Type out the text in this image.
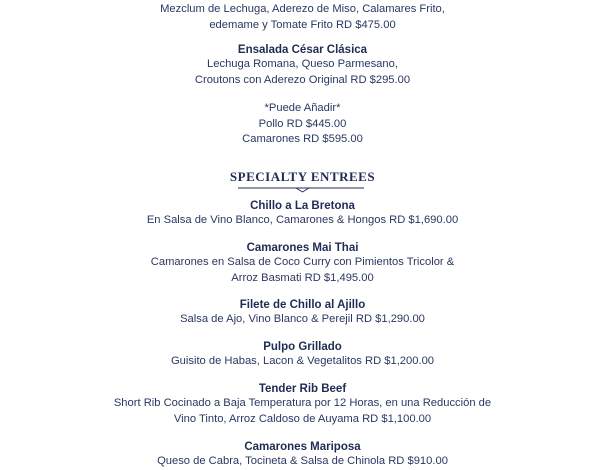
Mezclum de Lechuga, Aderezo de Miso, Calamares Frito,
edemame y Tomate Frito RD $475.00
Ensalada César Clásica
Lechuga Romana, Queso Parmesano,
Croutons con Aderezo Original RD $295.00
*Puede Añadir*
Pollo RD $445.00
Camarones RD $595.00
SPECIALTY ENTREES
Chillo a La Bretona
En Salsa de Vino Blanco, Camarones & Hongos RD $1,690.00
Camarones Mai Thai
Camarones en Salsa de Coco Curry con Pimientos Tricolor &
Arroz Basmati RD $1,495.00
Filete de Chillo al Ajillo
Salsa de Ajo, Vino Blanco & Perejil RD $1,290.00
Pulpo Grillado
Guisito de Habas, Lacon & Vegetalitos RD $1,200.00
Tender Rib Beef
Short Rib Cocinado a Baja Temperatura por 12 Horas, en una Reducción de
Vino Tinto, Arroz Caldoso de Auyama RD $1,100.00
Camarones Mariposa
Queso de Cabra, Tocineta & Salsa de Chinola RD $910.00
